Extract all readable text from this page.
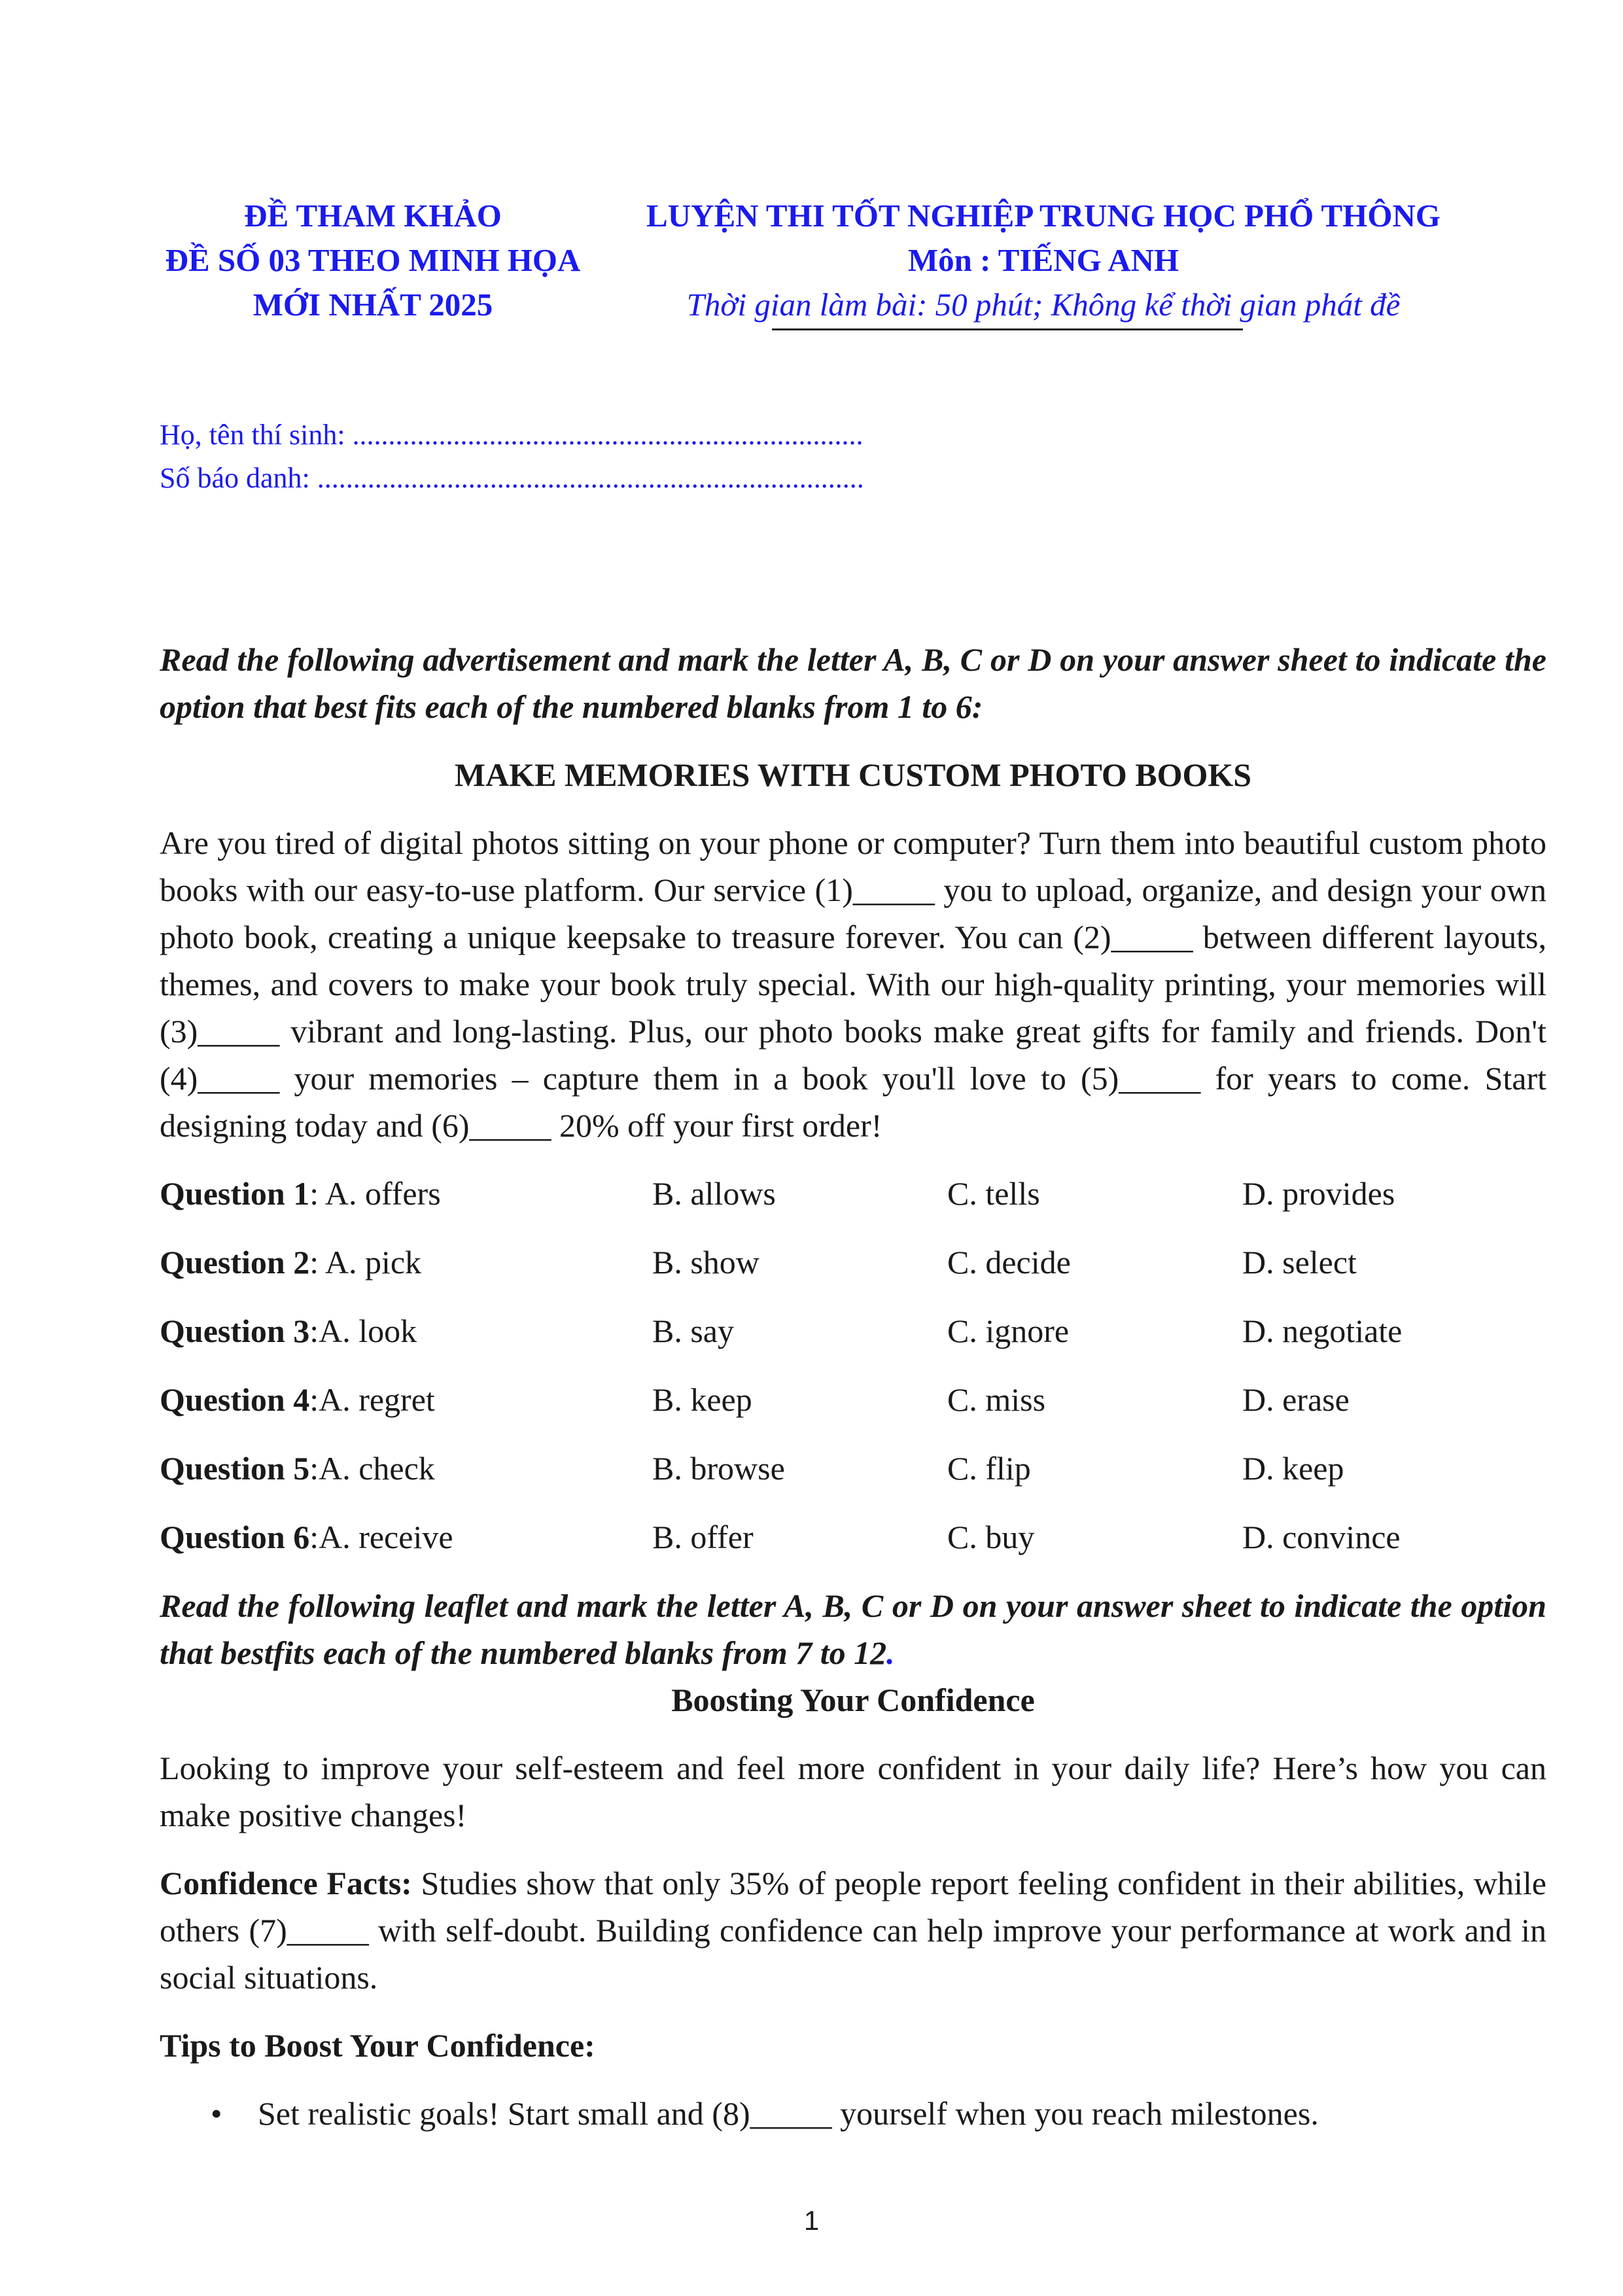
ĐỀ THAM KHẢO
ĐỀ SỐ 03 THEO MINH HỌA
MỚI NHẤT 2025
LUYỆN THI TỐT NGHIỆP TRUNG HỌC PHỔ THÔNG
Môn : TIẾNG ANH
Thời gian làm bài: 50 phút; Không kể thời gian phát đề
Họ, tên thí sinh: .......................................................................
Số báo danh: ............................................................................

Read the following advertisement and mark the letter A, B, C or D on your answer sheet to indicate the option that best fits each of the numbered blanks from 1 to 6:

MAKE MEMORIES WITH CUSTOM PHOTO BOOKS

Are you tired of digital photos sitting on your phone or computer? Turn them into beautiful custom photo books with our easy-to-use platform. Our service (1)_____ you to upload, organize, and design your own photo book, creating a unique keepsake to treasure forever. You can (2)_____ between different layouts, themes, and covers to make your book truly special. With our high-quality printing, your memories will (3)_____ vibrant and long-lasting. Plus, our photo books make great gifts for family and friends. Don't (4)_____ your memories – capture them in a book you'll love to (5)_____ for years to come. Start designing today and (6)_____ 20% off your first order!

Question 1: A. offers	B. allows	C. tells	D. provides
Question 2: A. pick	B. show	C. decide	D. select
Question 3:A. look	B. say	C. ignore	D. negotiate
Question 4:A. regret	B. keep	C. miss	D. erase
Question 5:A. check	B. browse	C. flip	D. keep
Question 6:A. receive	B. offer	C. buy	D. convince

Read the following leaflet and mark the letter A, B, C or D on your answer sheet to indicate the option that bestfits each of the numbered blanks from 7 to 12.

Boosting Your Confidence

Looking to improve your self-esteem and feel more confident in your daily life? Here’s how you can make positive changes!

Confidence Facts: Studies show that only 35% of people report feeling confident in their abilities, while others (7)_____ with self-doubt. Building confidence can help improve your performance at work and in social situations.

Tips to Boost Your Confidence:

•	Set realistic goals! Start small and (8)_____ yourself when you reach milestones.
1
